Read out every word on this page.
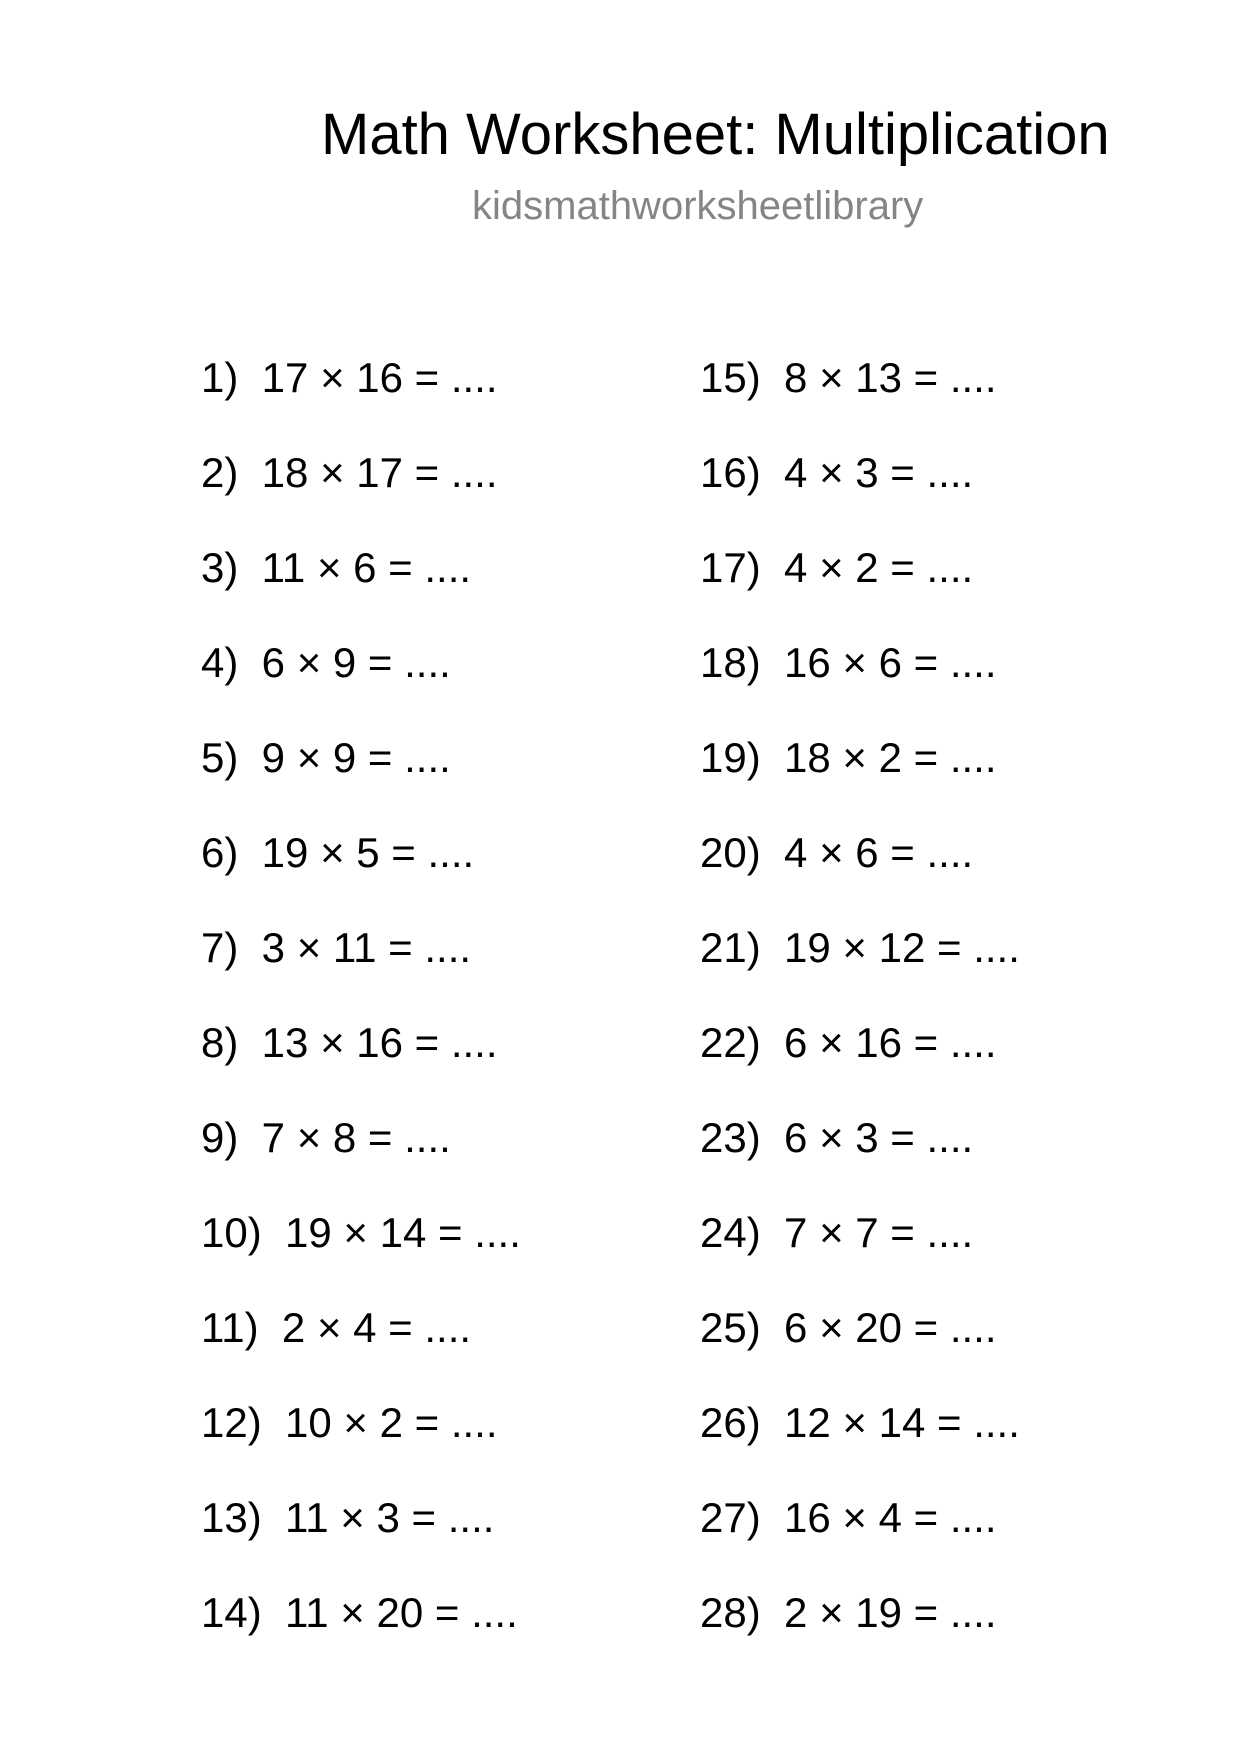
Math Worksheet: Multiplication
kidsmathworksheetlibrary
1)  17 × 16 = ....
2)  18 × 17 = ....
3)  11 × 6 = ....
4)  6 × 9 = ....
5)  9 × 9 = ....
6)  19 × 5 = ....
7)  3 × 11 = ....
8)  13 × 16 = ....
9)  7 × 8 = ....
10)  19 × 14 = ....
11)  2 × 4 = ....
12)  10 × 2 = ....
13)  11 × 3 = ....
14)  11 × 20 = ....
15)  8 × 13 = ....
16)  4 × 3 = ....
17)  4 × 2 = ....
18)  16 × 6 = ....
19)  18 × 2 = ....
20)  4 × 6 = ....
21)  19 × 12 = ....
22)  6 × 16 = ....
23)  6 × 3 = ....
24)  7 × 7 = ....
25)  6 × 20 = ....
26)  12 × 14 = ....
27)  16 × 4 = ....
28)  2 × 19 = ....
